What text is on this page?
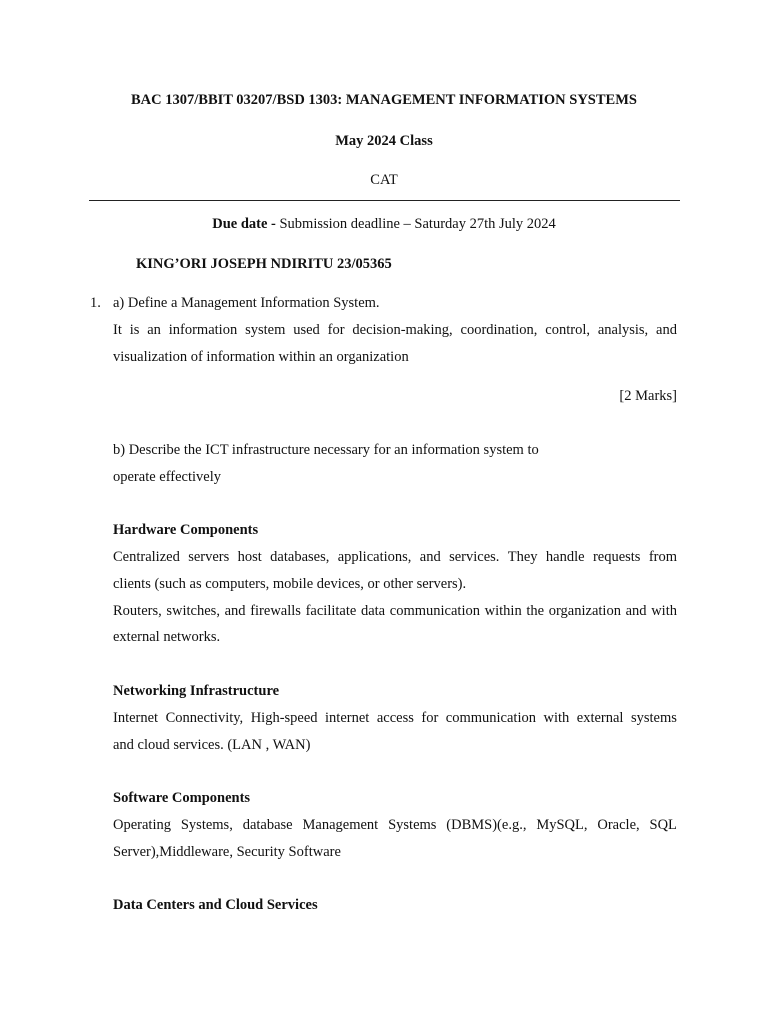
BAC 1307/BBIT 03207/BSD 1303: MANAGEMENT INFORMATION SYSTEMS
May 2024 Class
CAT
Due date - Submission deadline – Saturday 27th July 2024
KING’ORI JOSEPH NDIRITU 23/05365
1. a) Define a Management Information System.
It is an information system used for decision-making, coordination, control, analysis, and
visualization of information within an organization
[2 Marks]
b) Describe the ICT infrastructure necessary for an information system to
operate effectively
Hardware Components
Centralized servers host databases, applications, and services. They handle requests from
clients (such as computers, mobile devices, or other servers).
Routers, switches, and firewalls facilitate data communication within the organization and with
external networks.
Networking Infrastructure
Internet Connectivity, High-speed internet access for communication with external systems
and cloud services. (LAN , WAN)
Software Components
Operating Systems, database Management Systems (DBMS)(e.g., MySQL, Oracle, SQL
Server),Middleware, Security Software
Data Centers and Cloud Services
